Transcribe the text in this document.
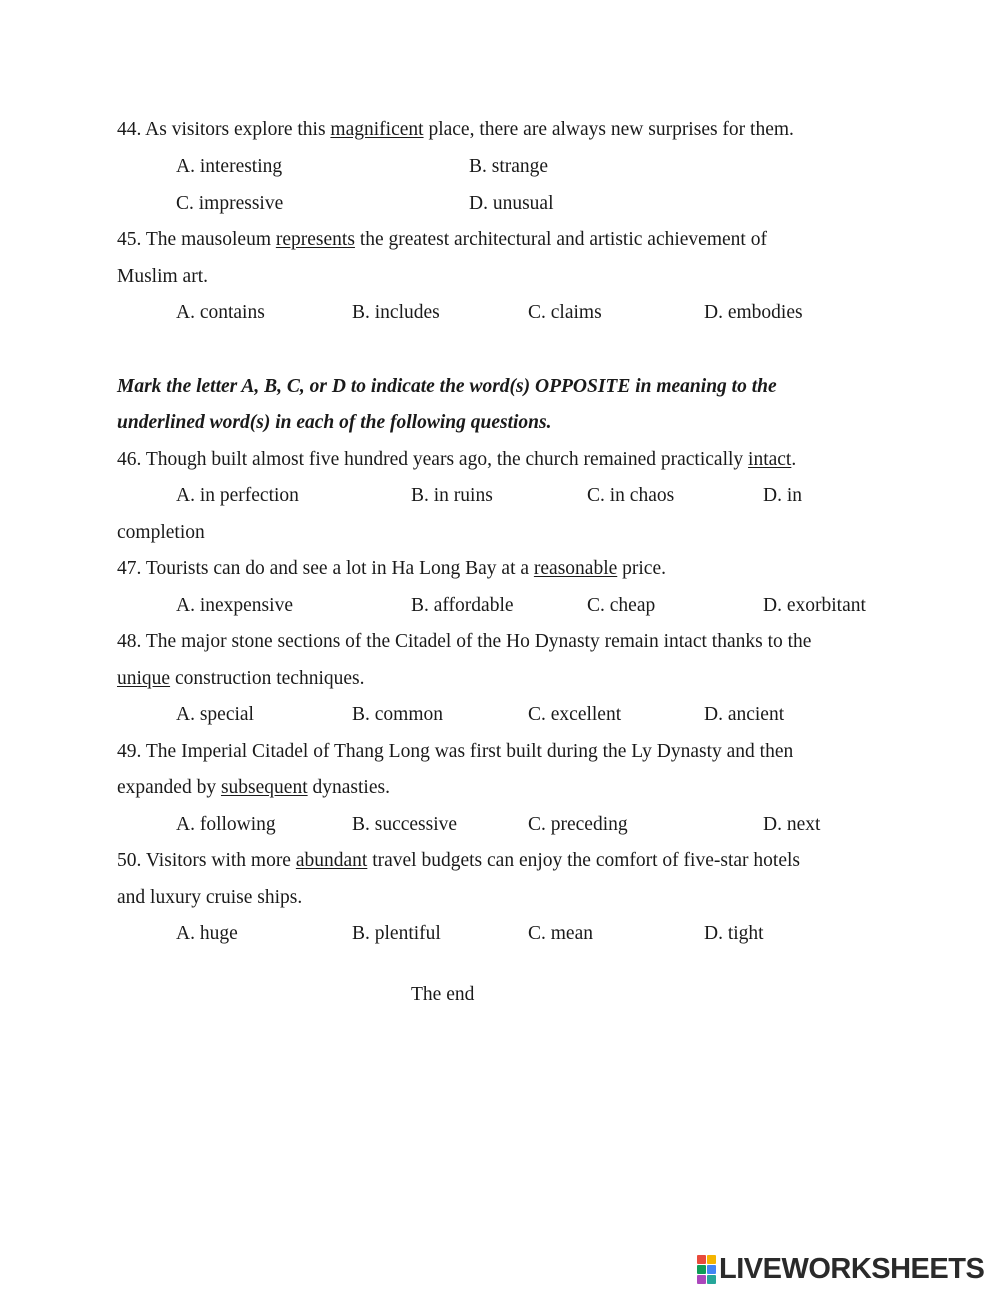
44. As visitors explore this magnificent place, there are always new surprises for them.
A. interesting	B. strange
C. impressive	D. unusual
45. The mausoleum represents the greatest architectural and artistic achievement of
Muslim art.
A. contains	B. includes	C. claims	D. embodies
Mark the letter A, B, C, or D to indicate the word(s) OPPOSITE in meaning to the
underlined word(s) in each of the following questions.
46. Though built almost five hundred years ago, the church remained practically intact.
A. in perfection	B. in ruins	C. in chaos	D. in
completion
47. Tourists can do and see a lot in Ha Long Bay at a reasonable price.
A. inexpensive	B. affordable	C. cheap	D. exorbitant
48. The major stone sections of the Citadel of the Ho Dynasty remain intact thanks to the
unique construction techniques.
A. special	B. common	C. excellent	D. ancient
49. The Imperial Citadel of Thang Long was first built during the Ly Dynasty and then
expanded by subsequent dynasties.
A. following	B. successive	C. preceding	D. next
50. Visitors with more abundant travel budgets can enjoy the comfort of five-star hotels
and luxury cruise ships.
A. huge	B. plentiful	C. mean	D. tight
The end
LIVEWORKSHEETS
